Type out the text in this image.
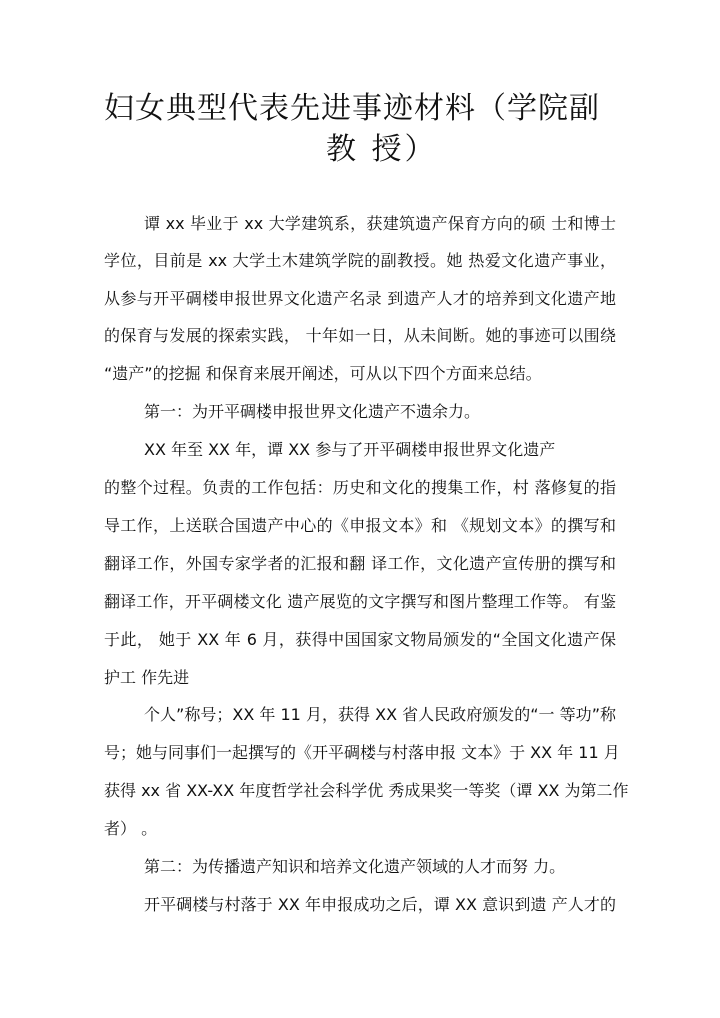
妇女典型代表先进事迹材料（学院副
教 授）
谭 xx 毕业于 xx 大学建筑系，获建筑遗产保育方向的硕 士和博士
学位，目前是 xx 大学土木建筑学院的副教授。她 热爱文化遗产事业，
从参与开平碉楼申报世界文化遗产名录 到遗产人才的培养到文化遗产地
的保育与发展的探索实践， 十年如一日，从未间断。她的事迹可以围绕
“遗产”的挖掘 和保育来展开阐述，可从以下四个方面来总结。
第一：为开平碉楼申报世界文化遗产不遗余力。
XX 年至 XX 年，谭 XX 参与了开平碉楼申报世界文化遗产
的整个过程。负责的工作包括：历史和文化的搜集工作，村 落修复的指
导工作，上送联合国遗产中心的《申报文本》和 《规划文本》的撰写和
翻译工作，外国专家学者的汇报和翻 译工作，文化遗产宣传册的撰写和
翻译工作，开平碉楼文化 遗产展览的文字撰写和图片整理工作等。 有鉴
于此， 她于 XX 年 6 月，获得中国国家文物局颁发的“全国文化遗产保
护工 作先进
个人”称号；XX 年 11 月，获得 XX 省人民政府颁发的“一 等功”称
号；她与同事们一起撰写的《开平碉楼与村落申报 文本》于 XX 年 11 月
获得 xx 省 XX-XX 年度哲学社会科学优 秀成果奖一等奖（谭 XX 为第二作
者） 。
第二：为传播遗产知识和培养文化遗产领域的人才而努 力。
开平碉楼与村落于 XX 年申报成功之后，谭 XX 意识到遗 产人才的
